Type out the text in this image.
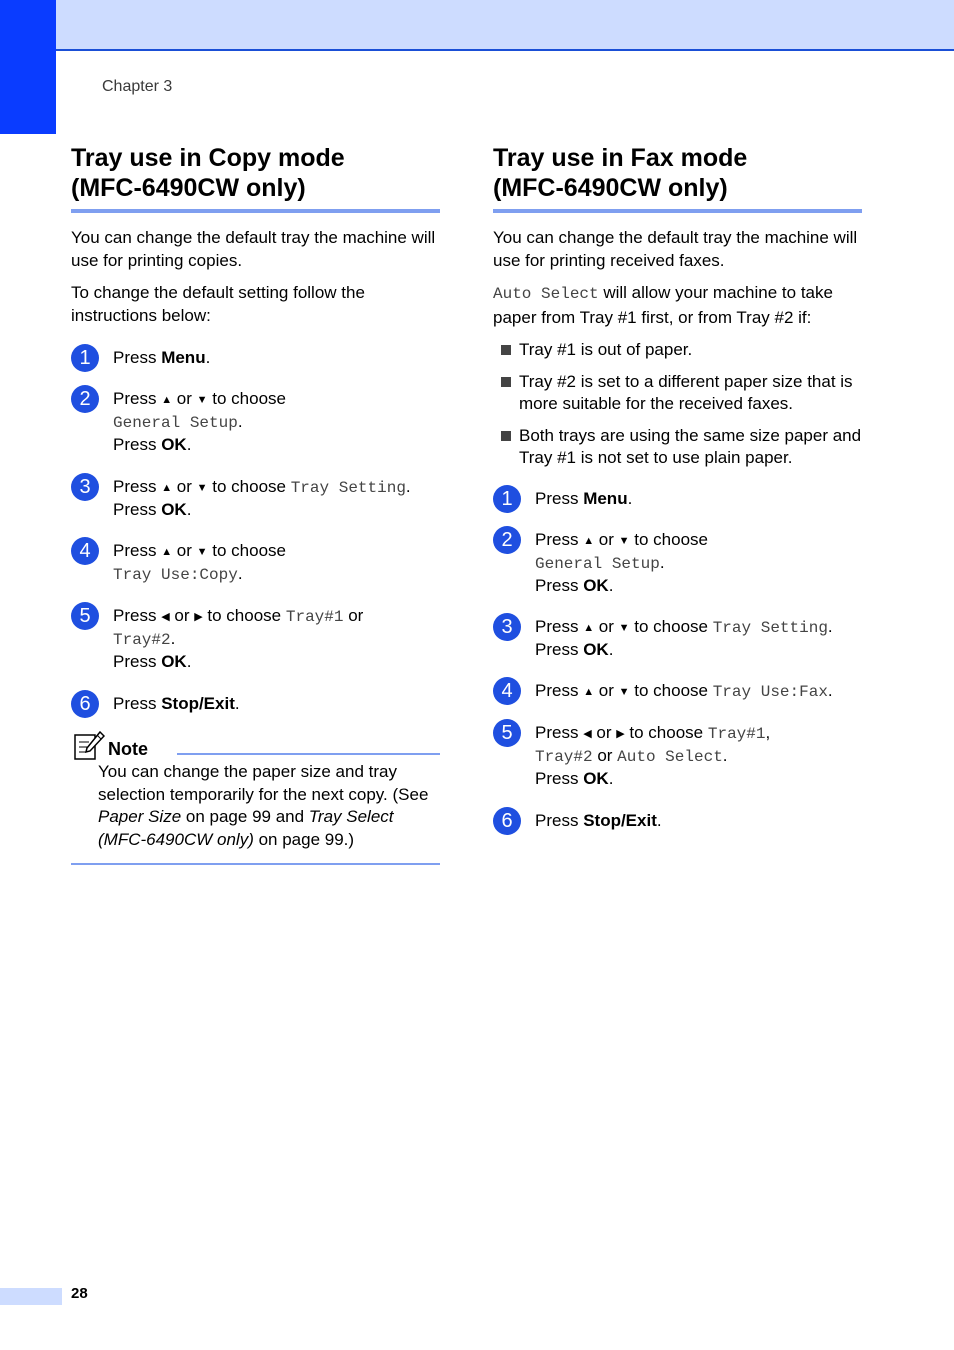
Chapter 3
Tray use in Copy mode
(MFC-6490CW only)

You can change the default tray the machine will use for printing copies.

To change the default setting follow the instructions below:

1	Press Menu.
2	Press ▲ or ▼ to choose
General Setup.
Press OK.
3	Press ▲ or ▼ to choose Tray Setting.
Press OK.
4	Press ▲ or ▼ to choose
Tray Use:Copy.
5	Press ◀ or ▶ to choose Tray#1 or
Tray#2.
Press OK.
6	Press Stop/Exit.
Note
You can change the paper size and tray selection temporarily for the next copy. (See Paper Size on page 99 and Tray Select (MFC-6490CW only) on page 99.)
Tray use in Fax mode
(MFC-6490CW only)

You can change the default tray the machine will use for printing received faxes.

Auto Select will allow your machine to take paper from Tray #1 first, or from Tray #2 if:

Tray #1 is out of paper.
Tray #2 is set to a different paper size that is more suitable for the received faxes.
Both trays are using the same size paper and Tray #1 is not set to use plain paper.
1	Press Menu.
2	Press ▲ or ▼ to choose
General Setup.
Press OK.
3	Press ▲ or ▼ to choose Tray Setting.
Press OK.
4	Press ▲ or ▼ to choose Tray Use:Fax.
5	Press ◀ or ▶ to choose Tray#1,
Tray#2 or Auto Select.
Press OK.
6	Press Stop/Exit.
28
